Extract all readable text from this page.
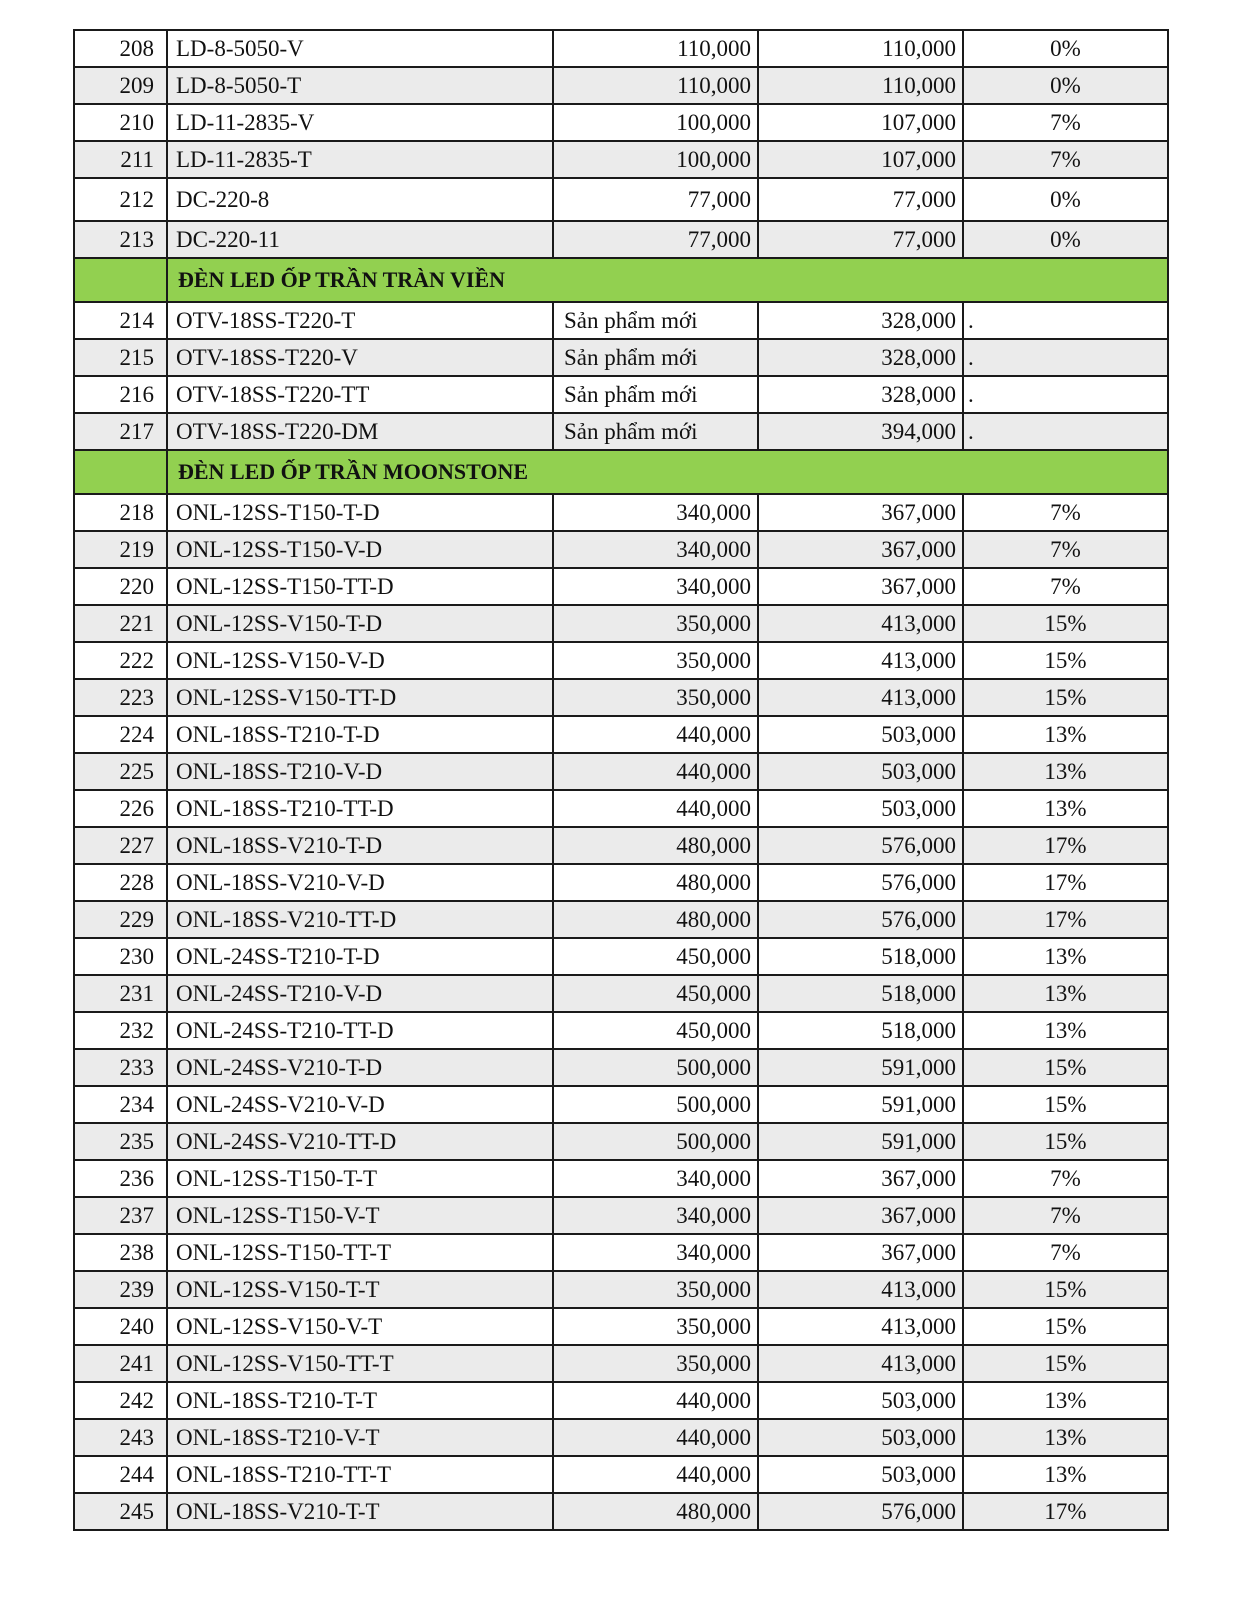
208	LD-8-5050-V	110,000	110,000	0%
209	LD-8-5050-T	110,000	110,000	0%
210	LD-11-2835-V	100,000	107,000	7%
211	LD-11-2835-T	100,000	107,000	7%
212	DC-220-8	77,000	77,000	0%
213	DC-220-11	77,000	77,000	0%
	ĐÈN LED ỐP TRẦN TRÀN VIỀN			
214	OTV-18SS-T220-T	Sản phẩm mới	328,000	.
215	OTV-18SS-T220-V	Sản phẩm mới	328,000	.
216	OTV-18SS-T220-TT	Sản phẩm mới	328,000	.
217	OTV-18SS-T220-DM	Sản phẩm mới	394,000	.
	ĐÈN LED ỐP TRẦN MOONSTONE			
218	ONL-12SS-T150-T-D	340,000	367,000	7%
219	ONL-12SS-T150-V-D	340,000	367,000	7%
220	ONL-12SS-T150-TT-D	340,000	367,000	7%
221	ONL-12SS-V150-T-D	350,000	413,000	15%
222	ONL-12SS-V150-V-D	350,000	413,000	15%
223	ONL-12SS-V150-TT-D	350,000	413,000	15%
224	ONL-18SS-T210-T-D	440,000	503,000	13%
225	ONL-18SS-T210-V-D	440,000	503,000	13%
226	ONL-18SS-T210-TT-D	440,000	503,000	13%
227	ONL-18SS-V210-T-D	480,000	576,000	17%
228	ONL-18SS-V210-V-D	480,000	576,000	17%
229	ONL-18SS-V210-TT-D	480,000	576,000	17%
230	ONL-24SS-T210-T-D	450,000	518,000	13%
231	ONL-24SS-T210-V-D	450,000	518,000	13%
232	ONL-24SS-T210-TT-D	450,000	518,000	13%
233	ONL-24SS-V210-T-D	500,000	591,000	15%
234	ONL-24SS-V210-V-D	500,000	591,000	15%
235	ONL-24SS-V210-TT-D	500,000	591,000	15%
236	ONL-12SS-T150-T-T	340,000	367,000	7%
237	ONL-12SS-T150-V-T	340,000	367,000	7%
238	ONL-12SS-T150-TT-T	340,000	367,000	7%
239	ONL-12SS-V150-T-T	350,000	413,000	15%
240	ONL-12SS-V150-V-T	350,000	413,000	15%
241	ONL-12SS-V150-TT-T	350,000	413,000	15%
242	ONL-18SS-T210-T-T	440,000	503,000	13%
243	ONL-18SS-T210-V-T	440,000	503,000	13%
244	ONL-18SS-T210-TT-T	440,000	503,000	13%
245	ONL-18SS-V210-T-T	480,000	576,000	17%
